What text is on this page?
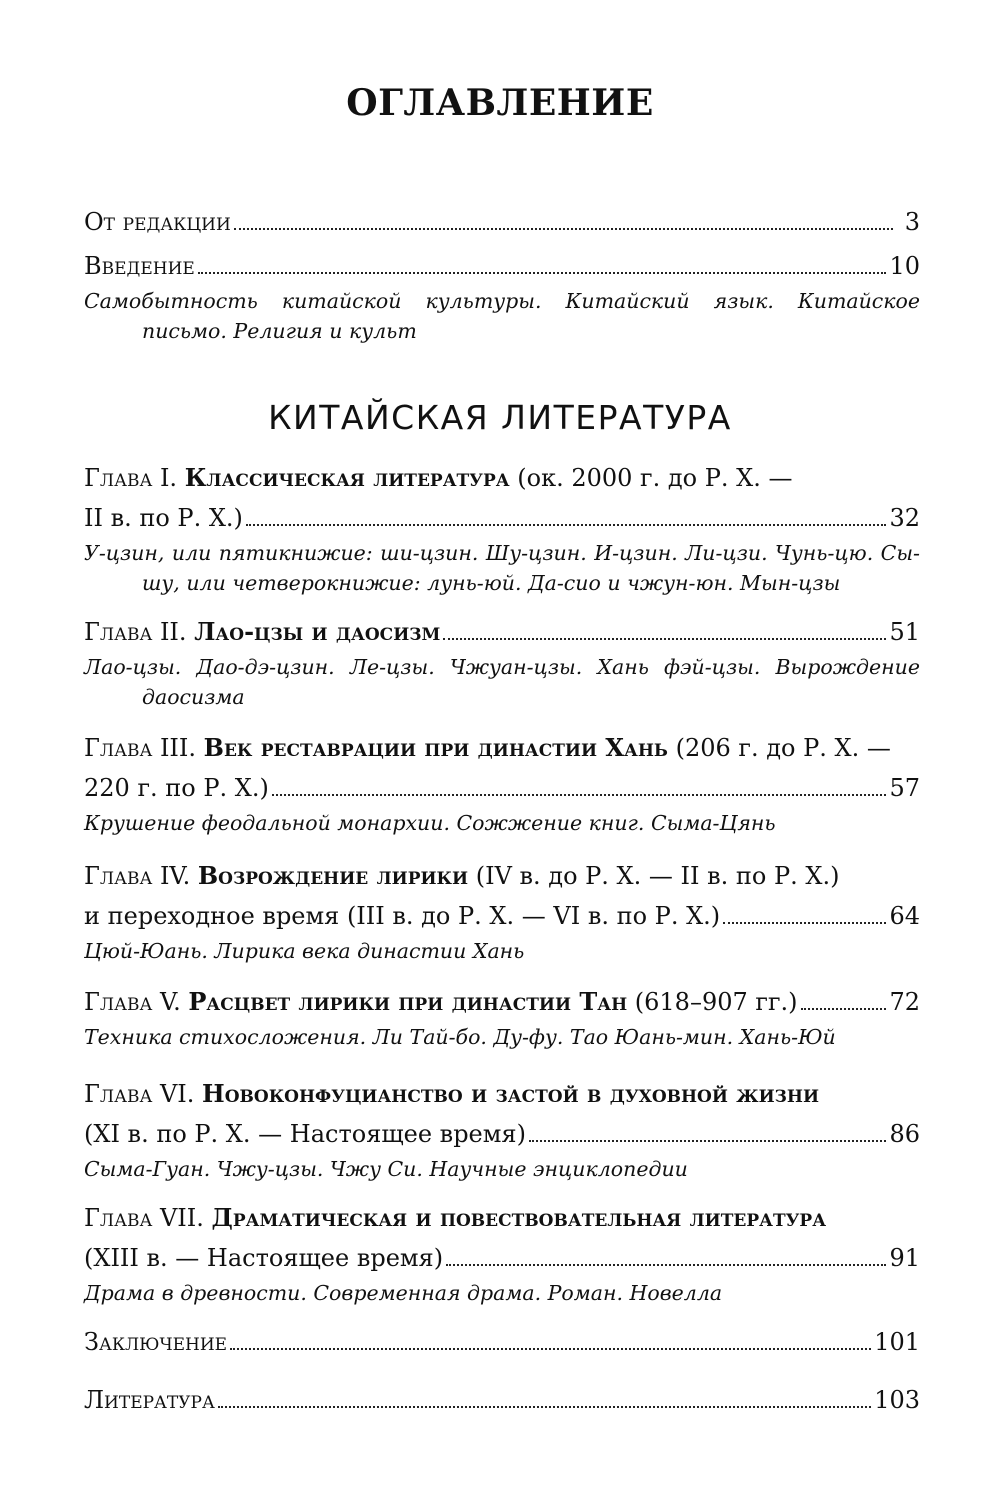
ОГЛАВЛЕНИЕ
От редакции	3
Введение	10
Самобытность китайской культуры. Китайский язык. Китайское письмо. Религия и культ
КИТАЙСКАЯ ЛИТЕРАТУРА
Глава I.
Классическая литература
(ок. 2000 г. до Р. Х. —
II в. по Р. Х.)	32
У-цзин, или пятикнижие: ши-цзин. Шу-цзин. И-цзин. Ли-цзи. Чунь-цю. Сы-шу, или четверокнижие: лунь-юй. Да-сио и чжун-юн. Мын-цзы
Глава II.
Лао-цзы и даосизм	51
Лао-цзы. Дао-дэ-цзин. Ле-цзы. Чжуан-цзы. Хань фэй-цзы. Вырождение даосизма
Глава III.
Век реставрации при династии Хань
(206 г. до Р. Х. —
220 г. по Р. Х.)	57
Крушение феодальной монархии. Сожжение книг. Сыма-Цянь
Глава IV.
Возрождение лирики
(IV в. до Р. Х. — II в. по Р. Х.)
и переходное время (III в. до Р. Х. — VI в. по Р. Х.)	64
Цюй-Юань. Лирика века династии Хань
Глава V.
Расцвет лирики при династии Тан
(618–907 гг.)	72
Техника стихосложения. Ли Тай-бо. Ду-фу. Тао Юань-мин. Хань-Юй
Глава VI.
Новоконфуцианство и застой в духовной жизни
(XI в. по Р. Х. — Настоящее время)	86
Сыма-Гуан. Чжу-цзы. Чжу Си. Научные энциклопедии
Глава VII.
Драматическая и повествовательная литература
(XIII в. — Настоящее время)	91
Драма в древности. Современная драма. Роман. Новелла
Заключение	101
Литература	103
